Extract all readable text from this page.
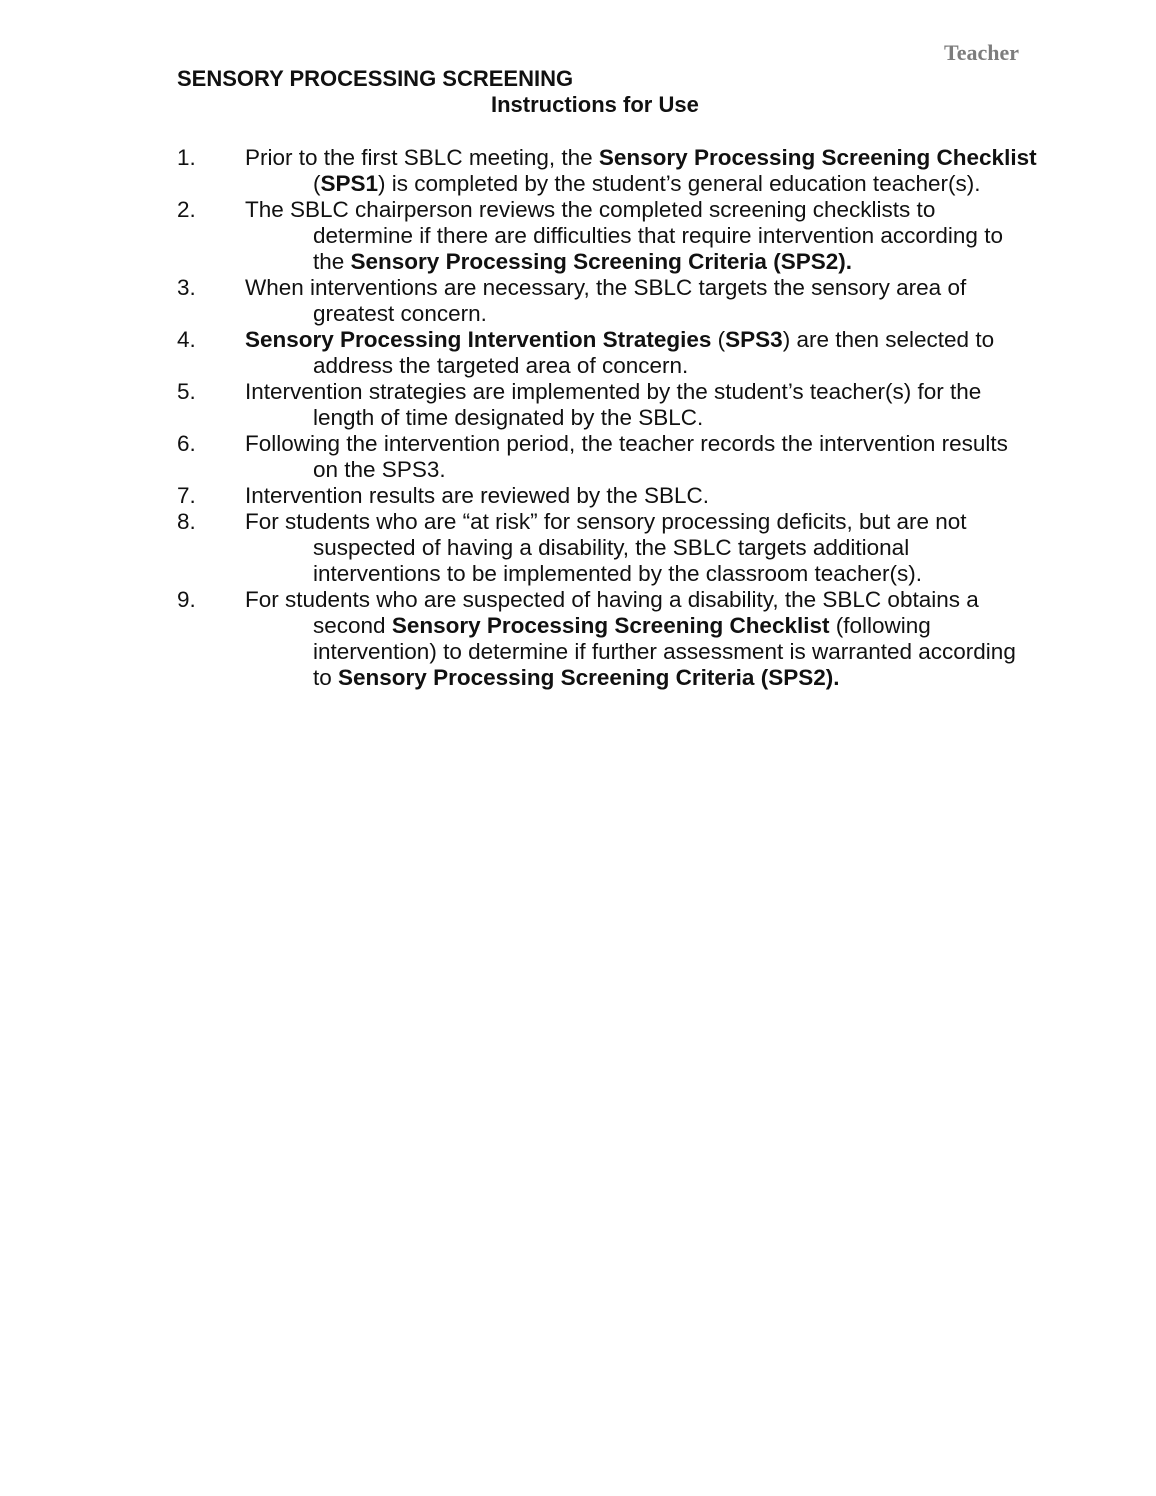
Teacher
SENSORY PROCESSING SCREENING
Instructions for Use
1. Prior to the first SBLC meeting, the Sensory Processing Screening Checklist (SPS1) is completed by the student’s general education teacher(s).
2. The SBLC chairperson reviews the completed screening checklists to determine if there are difficulties that require intervention according to the Sensory Processing Screening Criteria (SPS2).
3. When interventions are necessary, the SBLC targets the sensory area of greatest concern.
4. Sensory Processing Intervention Strategies (SPS3) are then selected to address the targeted area of concern.
5. Intervention strategies are implemented by the student’s teacher(s) for the length of time designated by the SBLC.
6. Following the intervention period, the teacher records the intervention results on the SPS3.
7. Intervention results are reviewed by the SBLC.
8. For students who are “at risk” for sensory processing deficits, but are not suspected of having a disability, the SBLC targets additional interventions to be implemented by the classroom teacher(s).
9. For students who are suspected of having a disability, the SBLC obtains a second Sensory Processing Screening Checklist (following intervention) to determine if further assessment is warranted according to Sensory Processing Screening Criteria (SPS2).
